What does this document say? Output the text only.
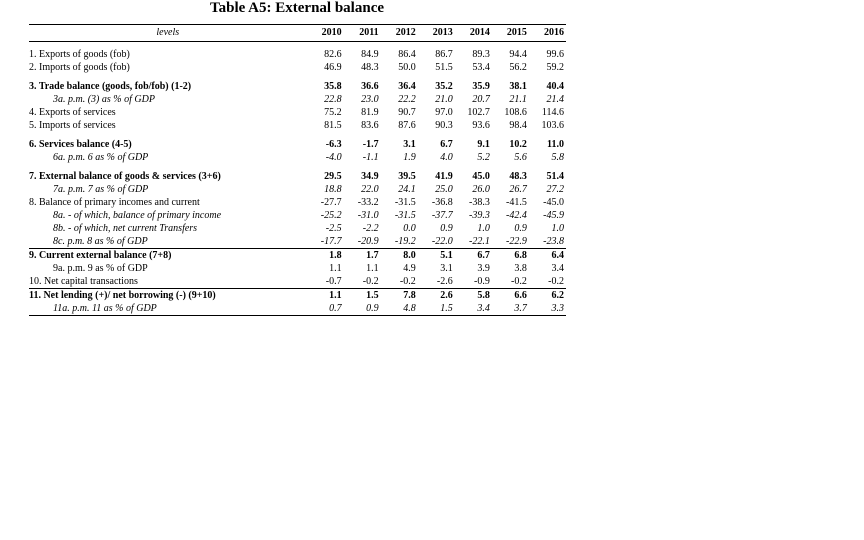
Table A5: External balance
levels	2010	2011	2012	2013	2014	2015	2016

1. Exports of goods (fob)	82.6	84.9	86.4	86.7	89.3	94.4	99.6
2. Imports of goods (fob)	46.9	48.3	50.0	51.5	53.4	56.2	59.2

3. Trade balance (goods, fob/fob) (1-2)	35.8	36.6	36.4	35.2	35.9	38.1	40.4
3a. p.m. (3) as % of GDP	22.8	23.0	22.2	21.0	20.7	21.1	21.4
4. Exports of services	75.2	81.9	90.7	97.0	102.7	108.6	114.6
5. Imports of services	81.5	83.6	87.6	90.3	93.6	98.4	103.6

6. Services balance (4-5)	-6.3	-1.7	3.1	6.7	9.1	10.2	11.0
6a. p.m. 6 as % of GDP	-4.0	-1.1	1.9	4.0	5.2	5.6	5.8

7. External balance of goods & services (3+6)	29.5	34.9	39.5	41.9	45.0	48.3	51.4
7a. p.m. 7 as % of GDP	18.8	22.0	24.1	25.0	26.0	26.7	27.2
8. Balance of primary incomes and current	-27.7	-33.2	-31.5	-36.8	-38.3	-41.5	-45.0
8a. - of which, balance of primary income	-25.2	-31.0	-31.5	-37.7	-39.3	-42.4	-45.9
8b. - of which, net current Transfers	-2.5	-2.2	0.0	0.9	1.0	0.9	1.0
8c. p.m. 8 as % of GDP	-17.7	-20.9	-19.2	-22.0	-22.1	-22.9	-23.8
9. Current external balance (7+8)	1.8	1.7	8.0	5.1	6.7	6.8	6.4
9a. p.m. 9 as % of GDP	1.1	1.1	4.9	3.1	3.9	3.8	3.4
10. Net capital transactions	-0.7	-0.2	-0.2	-2.6	-0.9	-0.2	-0.2
11. Net lending (+)/ net borrowing (-) (9+10)	1.1	1.5	7.8	2.6	5.8	6.6	6.2
11a. p.m. 11 as % of GDP	0.7	0.9	4.8	1.5	3.4	3.7	3.3
